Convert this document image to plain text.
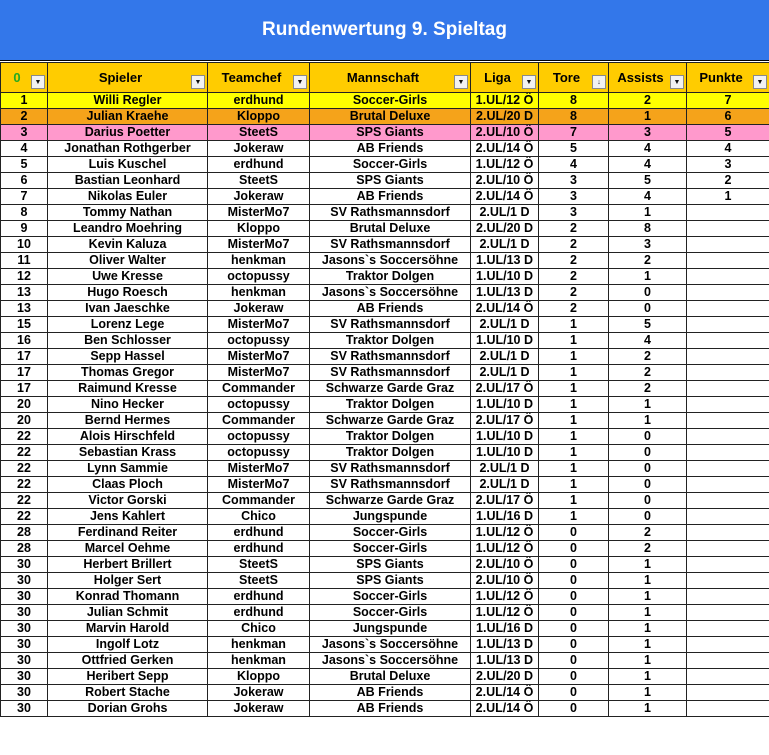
Rundenwertung 9. Spieltag
0 ▼	Spieler ▼	Teamchef ▼	Mannschaft ▼	Liga ▼	Tore ↓	Assists ▼	Punkte ▼

1	Willi Regler	erdhund	Soccer-Girls	1.UL/12 Ö	8	2	7
2	Julian Kraehe	Kloppo	Brutal Deluxe	2.UL/20 D	8	1	6
3	Darius Poetter	SteetS	SPS Giants	2.UL/10 Ö	7	3	5
4	Jonathan Rothgerber	Jokeraw	AB Friends	2.UL/14 Ö	5	4	4
5	Luis Kuschel	erdhund	Soccer-Girls	1.UL/12 Ö	4	4	3
6	Bastian Leonhard	SteetS	SPS Giants	2.UL/10 Ö	3	5	2
7	Nikolas Euler	Jokeraw	AB Friends	2.UL/14 Ö	3	4	1
8	Tommy Nathan	MisterMo7	SV Rathsmannsdorf	2.UL/1 D	3	1	
9	Leandro Moehring	Kloppo	Brutal Deluxe	2.UL/20 D	2	8	
10	Kevin Kaluza	MisterMo7	SV Rathsmannsdorf	2.UL/1 D	2	3	
11	Oliver Walter	henkman	Jasons`s Soccersöhne	1.UL/13 D	2	2	
12	Uwe Kresse	octopussy	Traktor Dolgen	1.UL/10 D	2	1	
13	Hugo Roesch	henkman	Jasons`s Soccersöhne	1.UL/13 D	2	0	
13	Ivan Jaeschke	Jokeraw	AB Friends	2.UL/14 Ö	2	0	
15	Lorenz Lege	MisterMo7	SV Rathsmannsdorf	2.UL/1 D	1	5	
16	Ben Schlosser	octopussy	Traktor Dolgen	1.UL/10 D	1	4	
17	Sepp Hassel	MisterMo7	SV Rathsmannsdorf	2.UL/1 D	1	2	
17	Thomas Gregor	MisterMo7	SV Rathsmannsdorf	2.UL/1 D	1	2	
17	Raimund Kresse	Commander	Schwarze Garde Graz	2.UL/17 Ö	1	2	
20	Nino Hecker	octopussy	Traktor Dolgen	1.UL/10 D	1	1	
20	Bernd Hermes	Commander	Schwarze Garde Graz	2.UL/17 Ö	1	1	
22	Alois Hirschfeld	octopussy	Traktor Dolgen	1.UL/10 D	1	0	
22	Sebastian Krass	octopussy	Traktor Dolgen	1.UL/10 D	1	0	
22	Lynn Sammie	MisterMo7	SV Rathsmannsdorf	2.UL/1 D	1	0	
22	Claas Ploch	MisterMo7	SV Rathsmannsdorf	2.UL/1 D	1	0	
22	Victor Gorski	Commander	Schwarze Garde Graz	2.UL/17 Ö	1	0	
22	Jens Kahlert	Chico	Jungspunde	1.UL/16 D	1	0	
28	Ferdinand Reiter	erdhund	Soccer-Girls	1.UL/12 Ö	0	2	
28	Marcel Oehme	erdhund	Soccer-Girls	1.UL/12 Ö	0	2	
30	Herbert Brillert	SteetS	SPS Giants	2.UL/10 Ö	0	1	
30	Holger Sert	SteetS	SPS Giants	2.UL/10 Ö	0	1	
30	Konrad Thomann	erdhund	Soccer-Girls	1.UL/12 Ö	0	1	
30	Julian Schmit	erdhund	Soccer-Girls	1.UL/12 Ö	0	1	
30	Marvin Harold	Chico	Jungspunde	1.UL/16 D	0	1	
30	Ingolf Lotz	henkman	Jasons`s Soccersöhne	1.UL/13 D	0	1	
30	Ottfried Gerken	henkman	Jasons`s Soccersöhne	1.UL/13 D	0	1	
30	Heribert Sepp	Kloppo	Brutal Deluxe	2.UL/20 D	0	1	
30	Robert Stache	Jokeraw	AB Friends	2.UL/14 Ö	0	1	
30	Dorian Grohs	Jokeraw	AB Friends	2.UL/14 Ö	0	1	
